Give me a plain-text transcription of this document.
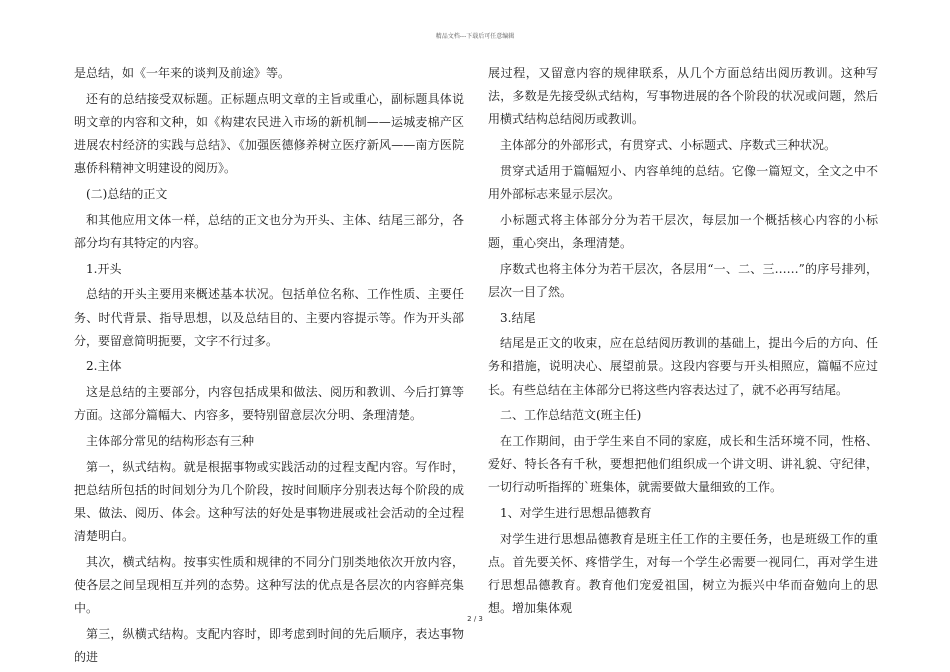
精品文档---下载后可任意编辑

是总结，如《一年来的谈判及前途》等。

还有的总结接受双标题。正标题点明文章的主旨或重心，副标题具体说明文章的内容和文种，如《构建农民进入市场的新机制——运城麦棉产区进展农村经济的实践与总结》、《加强医德修养树立医疗新风——南方医院惠侨科精神文明建设的阅历》。

(二)总结的正文

和其他应用文体一样，总结的正文也分为开头、主体、结尾三部分，各部分均有其特定的内容。

1.开头

总结的开头主要用来概述基本状况。包括单位名称、工作性质、主要任务、时代背景、指导思想，以及总结目的、主要内容提示等。作为开头部分，要留意简明扼要，文字不行过多。

2.主体

这是总结的主要部分，内容包括成果和做法、阅历和教训、今后打算等方面。这部分篇幅大、内容多，要特别留意层次分明、条理清楚。

主体部分常见的结构形态有三种

第一，纵式结构。就是根据事物或实践活动的过程支配内容。写作时，把总结所包括的时间划分为几个阶段，按时间顺序分别表达每个阶段的成果、做法、阅历、体会。这种写法的好处是事物进展或社会活动的全过程清楚明白。

其次，横式结构。按事实性质和规律的不同分门别类地依次开放内容，使各层之间呈现相互并列的态势。这种写法的优点是各层次的内容鲜亮集中。

第三，纵横式结构。支配内容时，即考虑到时间的先后顺序，表达事物的进

展过程，又留意内容的规律联系，从几个方面总结出阅历教训。这种写法，多数是先接受纵式结构，写事物进展的各个阶段的状况或问题，然后用横式结构总结阅历或教训。

主体部分的外部形式，有贯穿式、小标题式、序数式三种状况。

贯穿式适用于篇幅短小、内容单纯的总结。它像一篇短文，全文之中不用外部标志来显示层次。

小标题式将主体部分分为若干层次，每层加一个概括核心内容的小标题，重心突出，条理清楚。

序数式也将主体分为若干层次，各层用“一、二、三……”的序号排列，层次一目了然。

3.结尾

结尾是正文的收束，应在总结阅历教训的基础上，提出今后的方向、任务和措施，说明决心、展望前景。这段内容要与开头相照应，篇幅不应过长。有些总结在主体部分已将这些内容表达过了，就不必再写结尾。

二、工作总结范文(班主任)

在工作期间，由于学生来自不同的家庭，成长和生活环境不同，性格、爱好、特长各有千秋，要想把他们组织成一个讲文明、讲礼貌、守纪律，一切行动听指挥的`班集体，就需要做大量细致的工作。

1、对学生进行思想品德教育

对学生进行思想品德教育是班主任工作的主要任务，也是班级工作的重点。首先要关怀、疼惜学生，对每一个学生必需要一视同仁，再对学生进行思想品德教育。教育他们宠爱祖国，树立为振兴中华而奋勉向上的思想。增加集体观

2 / 3
